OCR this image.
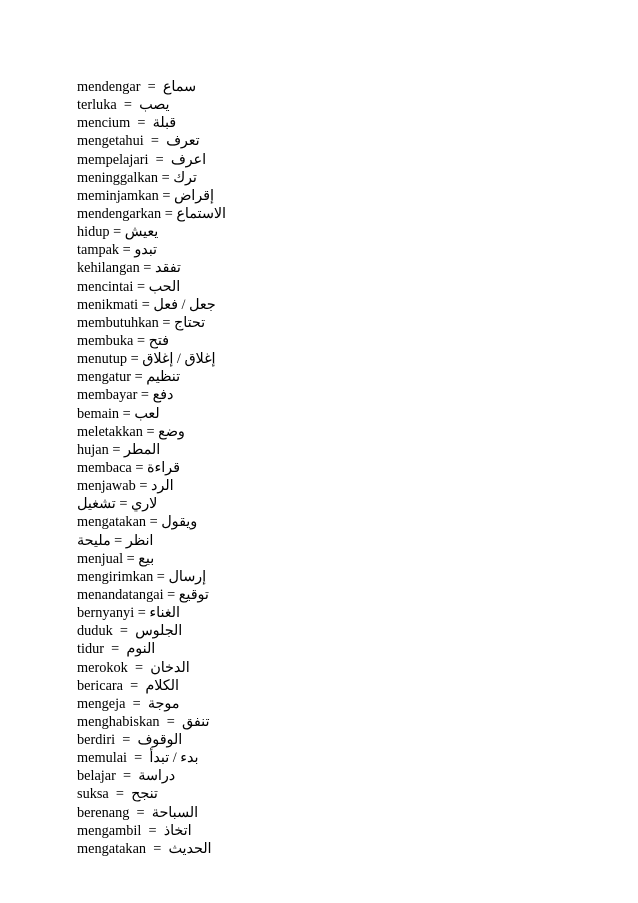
mendengar  =  سماع
terluka  =  يصب
mencium  =  قبلة
mengetahui  =  تعرف
mempelajari  =  اعرف
meninggalkan = ترك
meminjamkan = إقراض
mendengarkan = الاستماع
hidup = يعيش
tampak = تبدو
kehilangan = تفقد
mencintai = الحب
menikmati = جعل / فعل
membutuhkan = تحتاج
membuka = فتح
menutup = إغلاق / إغلاق
mengatur = تنظيم
membayar = دفع
bemain = لعب
meletakkan = وضع
hujan = المطر
membaca = قراءة
menjawab = الرد
تشغيل = لاري
mengatakan = ويقول
مليحة = انظر
menjual = بيع
mengirimkan = إرسال
menandatangai = توقيع
bernyanyi = الغناء
duduk  =  الجلوس
tidur  =  النوم
merokok  =  الدخان
bericara  =  الكلام
mengeja  =  موجة
menghabiskan  =  تنفق
berdiri  =  الوقوف
memulai  =  بدء / تبدأ
belajar  =  دراسة
suksa  =  تنجح
berenang  =  السباحة
mengambil  =  اتخاذ
mengatakan  =  الحديث
